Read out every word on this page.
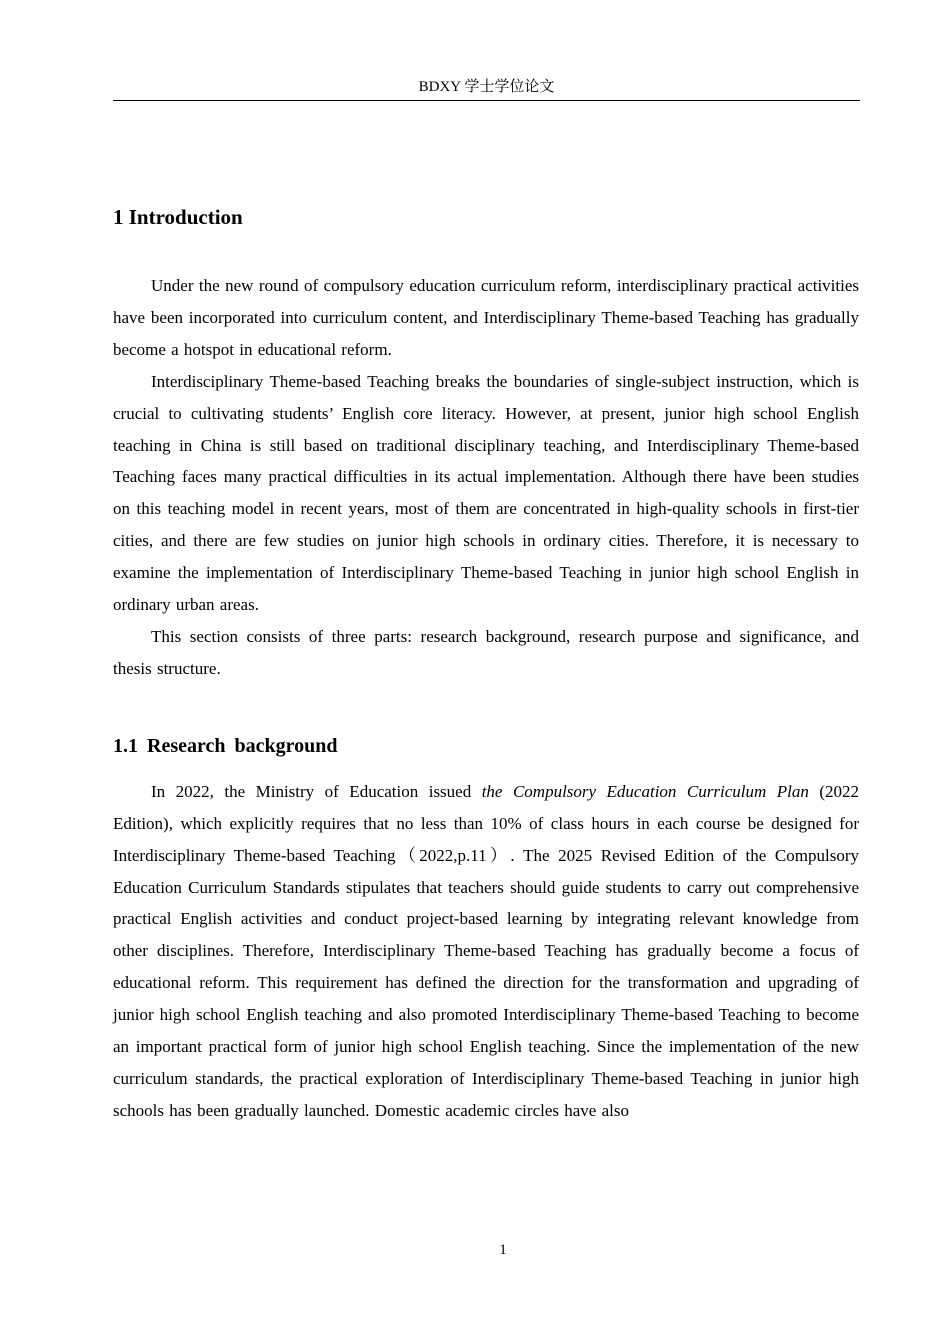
BDXY 学士学位论文
1 Introduction

Under the new round of compulsory education curriculum reform, interdisciplinary practical activities have been incorporated into curriculum content, and Interdisciplinary Theme-based Teaching has gradually become a hotspot in educational reform.

Interdisciplinary Theme-based Teaching breaks the boundaries of single-subject instruction, which is crucial to cultivating students’ English core literacy. However, at present, junior high school English teaching in China is still based on traditional disciplinary teaching, and Interdisciplinary Theme-based Teaching faces many practical difficulties in its actual implementation. Although there have been studies on this teaching model in recent years, most of them are concentrated in high-quality schools in first-tier cities, and there are few studies on junior high schools in ordinary cities. Therefore, it is necessary to examine the implementation of Interdisciplinary Theme-based Teaching in junior high school English in ordinary urban areas.

This section consists of three parts: research background, research purpose and significance, and thesis structure.

1.1 Research background

In 2022, the Ministry of Education issued the Compulsory Education Curriculum Plan (2022 Edition), which explicitly requires that no less than 10% of class hours in each course be designed for Interdisciplinary Theme-based Teaching（2022,p.11）. The 2025 Revised Edition of the Compulsory Education Curriculum Standards stipulates that teachers should guide students to carry out comprehensive practical English activities and conduct project-based learning by integrating relevant knowledge from other disciplines. Therefore, Interdisciplinary Theme-based Teaching has gradually become a focus of educational reform. This requirement has defined the direction for the transformation and upgrading of junior high school English teaching and also promoted Interdisciplinary Theme-based Teaching to become an important practical form of junior high school English teaching. Since the implementation of the new curriculum standards, the practical exploration of Interdisciplinary Theme-based Teaching in junior high schools has been gradually launched. Domestic academic circles have also

1
